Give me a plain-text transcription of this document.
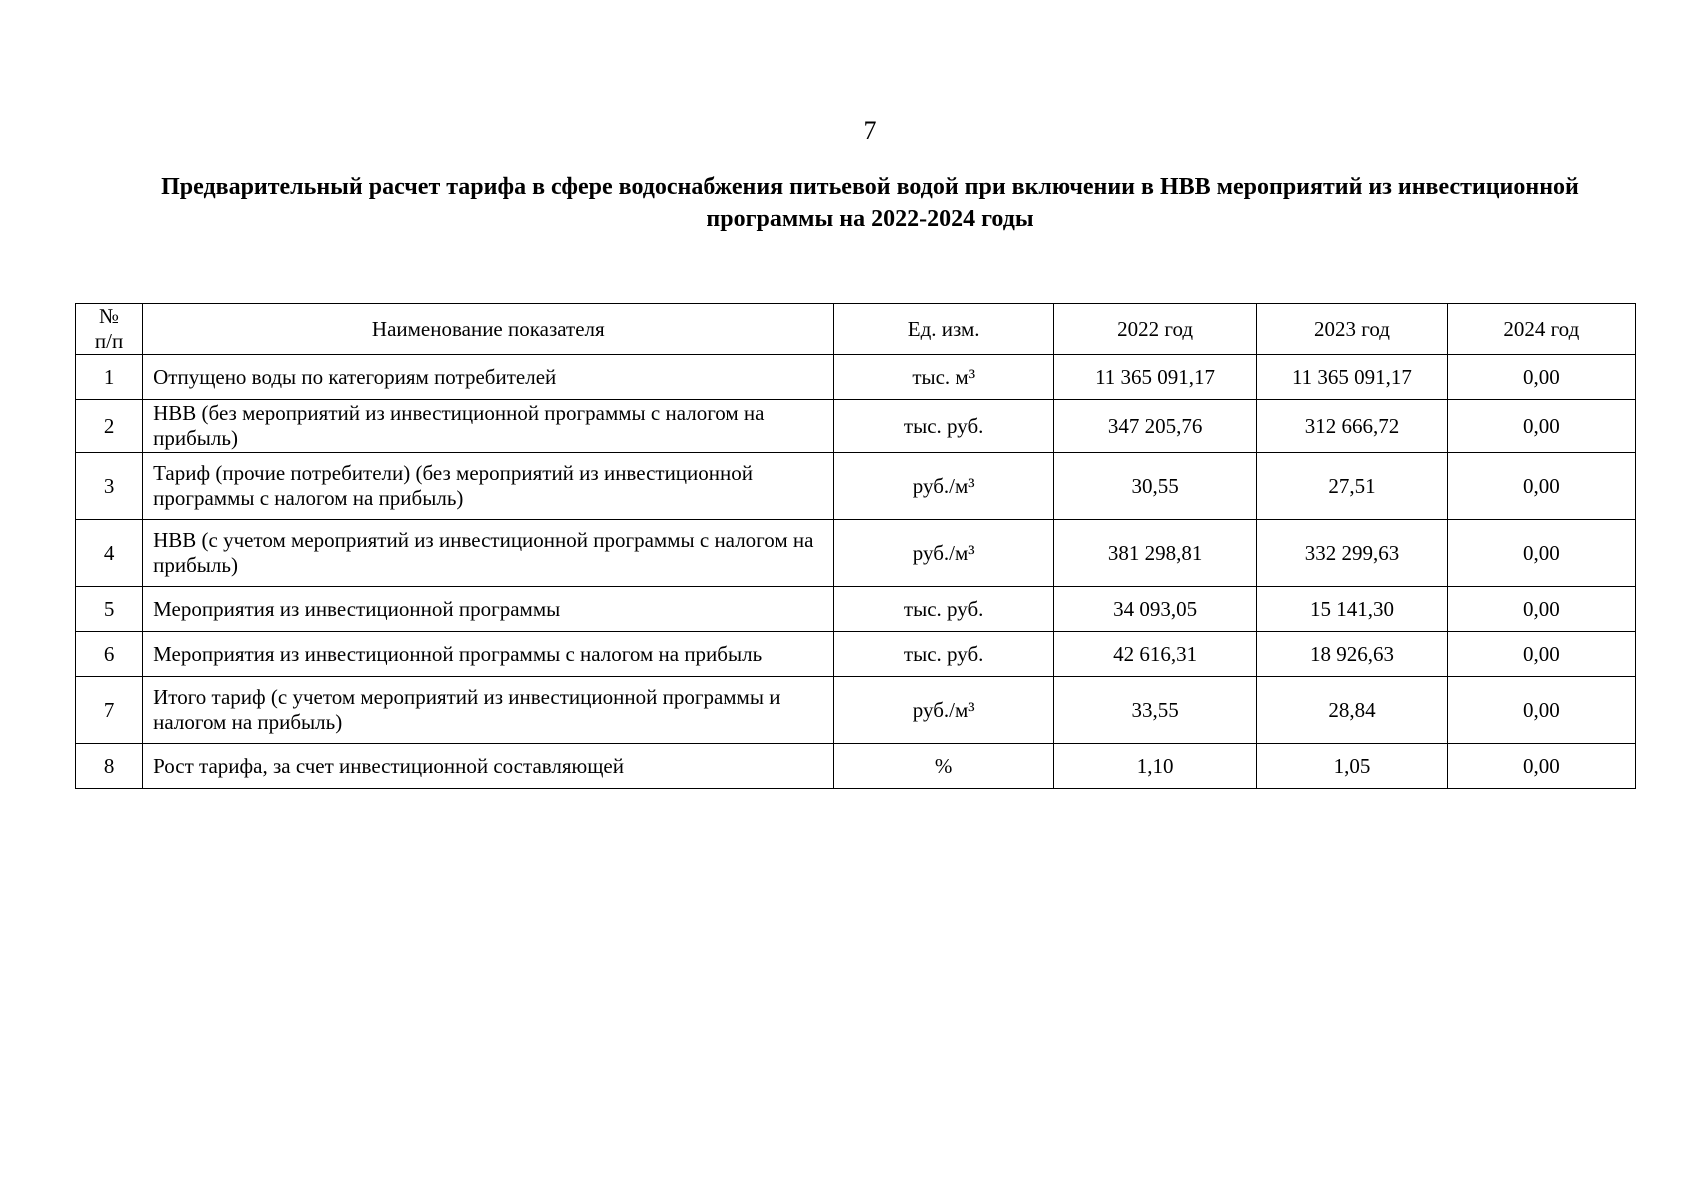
7
Предварительный расчет тарифа в сфере водоснабжения питьевой водой при включении в НВВ мероприятий из инвестиционной программы на 2022-2024 годы
№
п/п	Наименование показателя	Ед. изм.	2022 год	2023 год	2024 год
1	Отпущено воды по категориям потребителей	тыс. м³	11 365 091,17	11 365 091,17	0,00
2	НВВ (без мероприятий из инвестиционной программы с налогом на прибыль)	тыс. руб.	347 205,76	312 666,72	0,00
3	Тариф (прочие потребители) (без мероприятий из инвестиционной программы с налогом на прибыль)	руб./м³	30,55	27,51	0,00
4	НВВ (с учетом мероприятий из инвестиционной программы с налогом на прибыль)	руб./м³	381 298,81	332 299,63	0,00
5	Мероприятия из инвестиционной программы	тыс. руб.	34 093,05	15 141,30	0,00
6	Мероприятия из инвестиционной программы с налогом на прибыль	тыс. руб.	42 616,31	18 926,63	0,00
7	Итого тариф (с учетом мероприятий из инвестиционной программы и налогом на прибыль)	руб./м³	33,55	28,84	0,00
8	Рост тарифа, за счет инвестиционной составляющей	%	1,10	1,05	0,00
